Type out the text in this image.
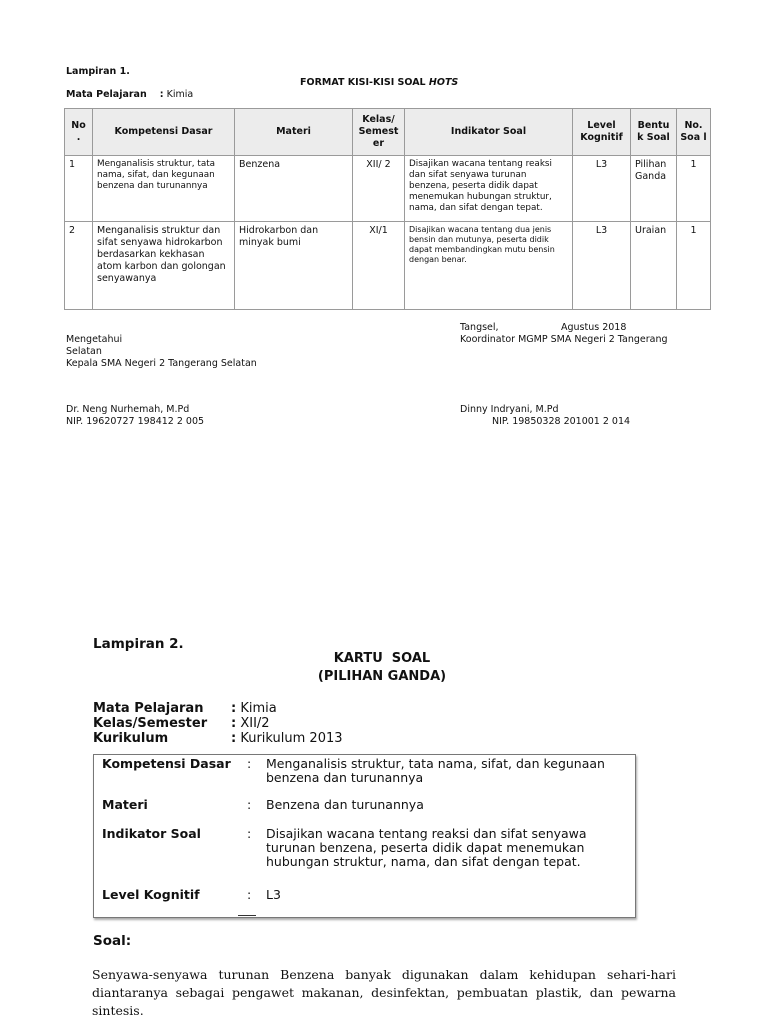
Lampiran 1.
FORMAT KISI-KISI SOAL HOTS
Mata Pelajaran : Kimia
No .	Kompetensi Dasar	Materi	Kelas/ Semest er	Indikator Soal	Level Kognitif	Bentu k Soal	No. Soa l
1	Menganalisis struktur, tata nama, sifat, dan kegunaan benzena dan turunannya	Benzena	XII/ 2	Disajikan wacana tentang reaksi dan sifat senyawa turunan benzena, peserta didik dapat menemukan hubungan struktur, nama, dan sifat dengan tepat.	L3	Pilihan Ganda	1
2	Menganalisis struktur dan sifat senyawa hidrokarbon berdasarkan kekhasan atom karbon dan golongan senyawanya	Hidrokarbon dan minyak bumi	XI/1	Disajikan wacana tentang dua jenis bensin dan mutunya, peserta didik dapat membandingkan mutu bensin dengan benar.	L3	Uraian	1
Tangsel,	Agustus 2018
Koordinator MGMP SMA Negeri 2 Tangerang
Mengetahui
Selatan
Kepala SMA Negeri 2 Tangerang Selatan
Dr. Neng Nurhemah, M.Pd
NIP. 19620727 198412 2 005
Dinny Indryani, M.Pd
NIP. 19850328 201001 2 014
Lampiran 2.
KARTU  SOAL
(PILIHAN GANDA)
Mata Pelajaran : Kimia
Kelas/Semester : XII/2
Kurikulum	: Kurikulum 2013
Kompetensi Dasar	: Menganalisis struktur, tata nama, sifat, dan kegunaan benzena dan turunannya
Materi	: Benzena dan turunannya
Indikator Soal	: Disajikan wacana tentang reaksi dan sifat senyawa turunan benzena, peserta didik dapat menemukan hubungan struktur, nama, dan sifat dengan tepat.
Level Kognitif	: L3
Soal:
Senyawa-senyawa turunan Benzena banyak digunakan dalam kehidupan sehari-hari diantaranya sebagai pengawet makanan, desinfektan, pembuatan plastik, dan pewarna sintesis.
